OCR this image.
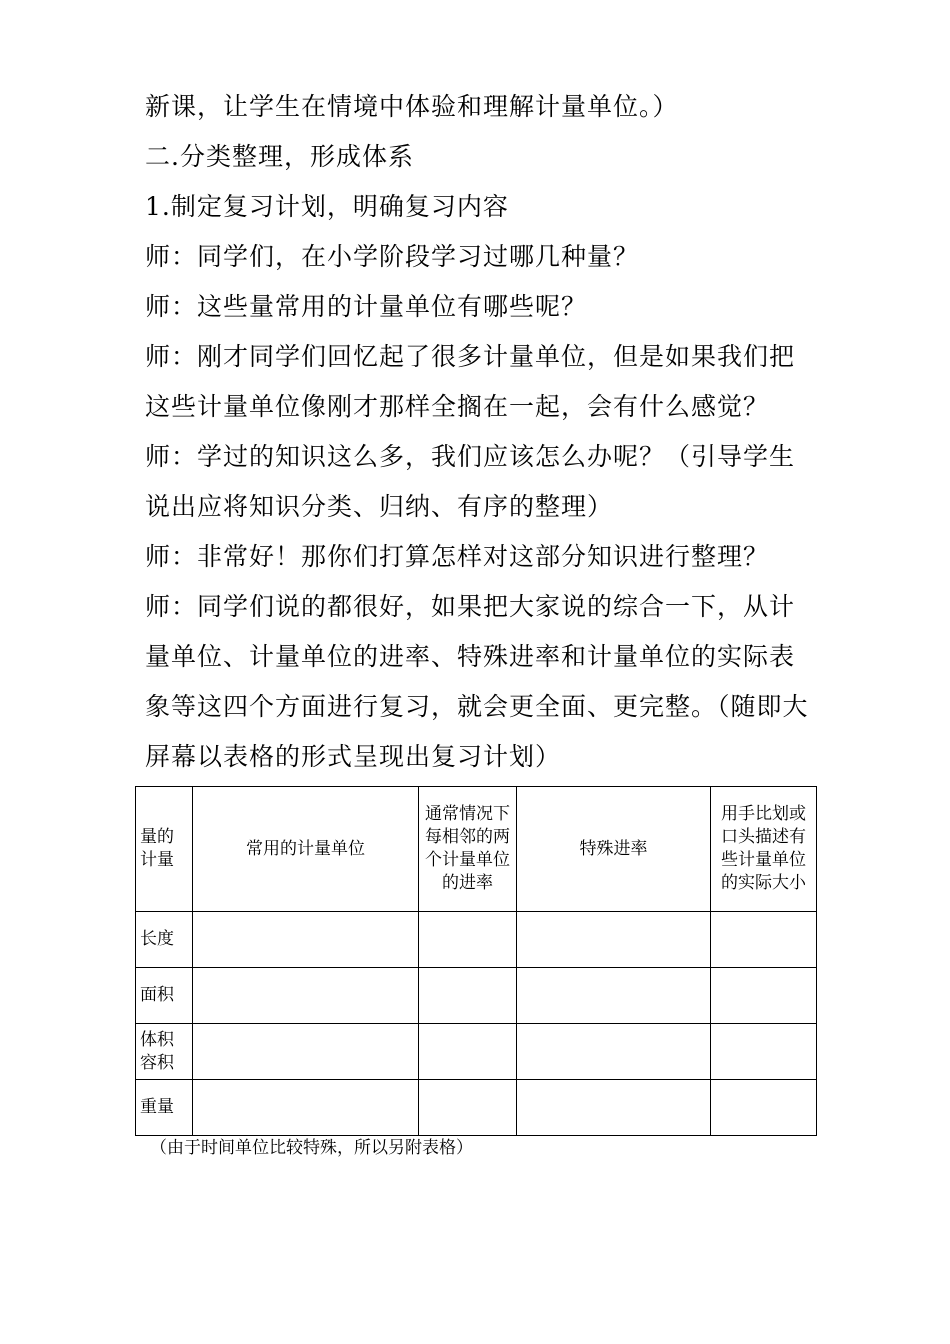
新课，让学生在情境中体验和理解计量单位。）

二.分类整理，形成体系

1.制定复习计划，明确复习内容

师：同学们，在小学阶段学习过哪几种量？

师：这些量常用的计量单位有哪些呢？

师：刚才同学们回忆起了很多计量单位，但是如果我们把这些计量单位像刚才那样全搁在一起，会有什么感觉？

师：学过的知识这么多，我们应该怎么办呢？（引导学生说出应将知识分类、归纳、有序的整理）

师：非常好！那你们打算怎样对这部分知识进行整理？

师：同学们说的都很好，如果把大家说的综合一下，从计量单位、计量单位的进率、特殊进率和计量单位的实际表象等这四个方面进行复习，就会更全面、更完整。（随即大屏幕以表格的形式呈现出复习计划）

量的计量	常用的计量单位	通常情况下每相邻的两个计量单位的进率	特殊进率	用手比划或口头描述有些计量单位的实际大小
长度				
面积				
体积容积				
重量				
（由于时间单位比较特殊，所以另附表格）
